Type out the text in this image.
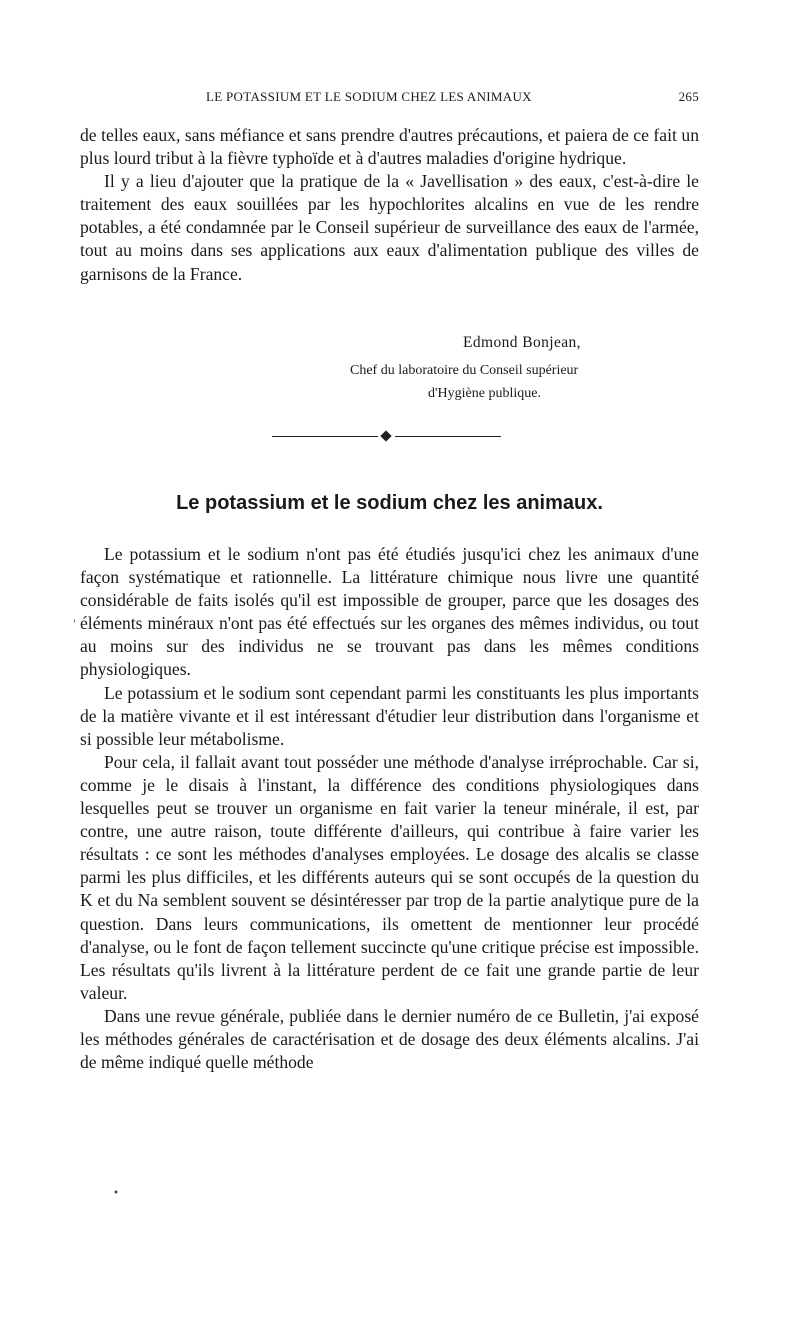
LE POTASSIUM ET LE SODIUM CHEZ LES ANIMAUX	265

de telles eaux, sans méfiance et sans prendre d'autres précautions, et paiera de ce fait un plus lourd tribut à la fièvre typhoïde et à d'autres maladies d'origine hydrique.

Il y a lieu d'ajouter que la pratique de la « Javellisation » des eaux, c'est-à-dire le traitement des eaux souillées par les hypochlorites alcalins en vue de les rendre potables, a été condamnée par le Conseil supérieur de surveillance des eaux de l'armée, tout au moins dans ses applications aux eaux d'alimentation publique des villes de garnisons de la France.

Edmond Bonjean,
Chef du laboratoire du Conseil supérieur
d'Hygiène publique.
Le potassium et le sodium chez les animaux.

Le potassium et le sodium n'ont pas été étudiés jusqu'ici chez les animaux d'une façon systématique et rationnelle. La littérature chimique nous livre une quantité considérable de faits isolés qu'il est impossible de grouper, parce que les dosages des éléments minéraux n'ont pas été effectués sur les organes des mêmes individus, ou tout au moins sur des individus ne se trouvant pas dans les mêmes conditions physiologiques.

Le potassium et le sodium sont cependant parmi les constituants les plus importants de la matière vivante et il est intéressant d'étudier leur distribution dans l'organisme et si possible leur métabolisme.

Pour cela, il fallait avant tout posséder une méthode d'analyse irréprochable. Car si, comme je le disais à l'instant, la différence des conditions physiologiques dans lesquelles peut se trouver un organisme en fait varier la teneur minérale, il est, par contre, une autre raison, toute différente d'ailleurs, qui contribue à faire varier les résultats : ce sont les méthodes d'analyses employées. Le dosage des alcalis se classe parmi les plus difficiles, et les différents auteurs qui se sont occupés de la question du K et du Na semblent souvent se désintéresser par trop de la partie analytique pure de la question. Dans leurs communications, ils omettent de mentionner leur procédé d'analyse, ou le font de façon tellement succincte qu'une critique précise est impossible. Les résultats qu'ils livrent à la littérature perdent de ce fait une grande partie de leur valeur.

Dans une revue générale, publiée dans le dernier numéro de ce Bulletin, j'ai exposé les méthodes générales de caractérisation et de dosage des deux éléments alcalins. J'ai de même indiqué quelle méthode

'
•
